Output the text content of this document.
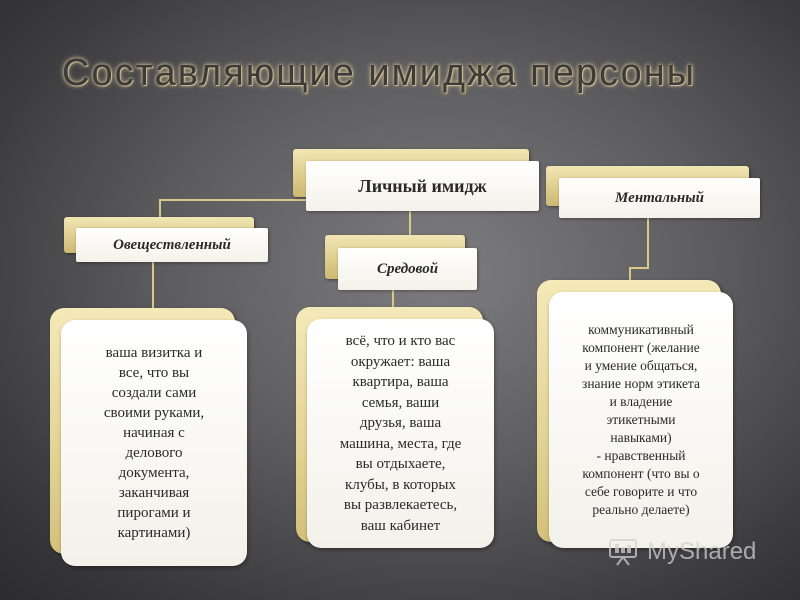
Составляющие имиджа персоны
Личный имидж
Овеществленный
Средовой
Ментальный
ваша визитка и
все, что вы
создали сами
своими руками,
начиная с
делового
документа,
заканчивая
пирогами и
картинами)
всё, что и кто вас
окружает: ваша
квартира, ваша
семья, ваши
друзья, ваша
машина, места, где
вы отдыхаете,
клубы, в которых
вы развлекаетесь,
ваш кабинет
коммуникативный
компонент (желание
и умение общаться,
знание норм этикета
и владение
этикетными
навыками)
- нравственный
компонент (что вы о
себе говорите и что
реально делаете)
MyShared
